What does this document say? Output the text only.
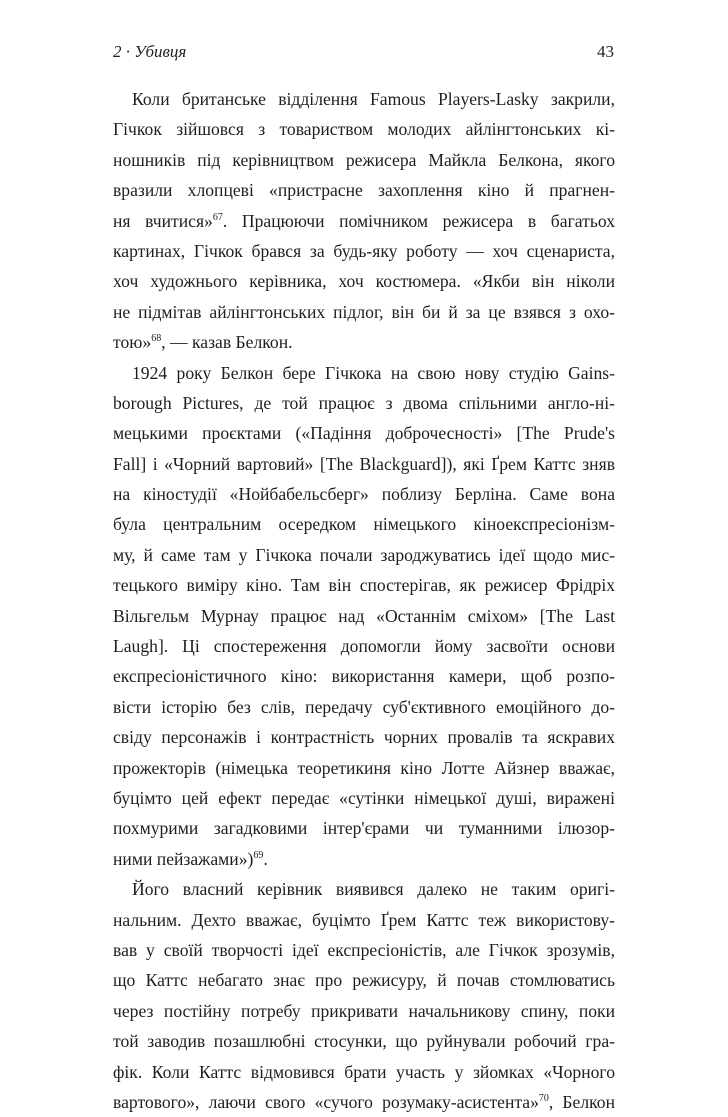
2 · Убивця	43
Коли британське відділення Famous Players-Lasky закрили,
Гічкок зійшовся з товариством молодих айлінгтонських кі-
ношників під керівництвом режисера Майкла Белкона, якого
вразили хлопцеві «пристрасне захоплення кіно й прагнен-
ня вчитися»$^{67}$. Працюючи помічником режисера в багатьох
картинах, Гічкок брався за будь-яку роботу — хоч сценариста,
хоч художнього керівника, хоч костюмера. «Якби він ніколи
не підмітав айлінгтонських підлог, він би й за це взявся з охо-
тою»$^{68}$, — казав Белкон.
1924 року Белкон бере Гічкока на свою нову студію Gains-
borough Pictures, де той працює з двома спільними англо-ні-
мецькими проєктами («Падіння доброчесності» [The Prude's
Fall] і «Чорний вартовий» [The Blackguard]), які Ґрем Каттс зняв
на кіностудії «Нойбабельсберг» поблизу Берліна. Саме вона
була центральним осередком німецького кіноекспресіонізм-
му, й саме там у Гічкока почали зароджуватись ідеї щодо мис-
тецького виміру кіно. Там він спостерігав, як режисер Фрідріх
Вільгельм Мурнау працює над «Останнім сміхом» [The Last
Laugh]. Ці спостереження допомогли йому засвоїти основи
експресіоністичного кіно: використання камери, щоб розпо-
вісти історію без слів, передачу суб'єктивного емоційного до-
свіду персонажів і контрастність чорних провалів та яскравих
прожекторів (німецька теоретикиня кіно Лотте Айзнер вважає,
буцімто цей ефект передає «сутінки німецької душі, виражені
похмурими загадковими інтер'єрами чи туманними ілюзор-
ними пейзажами»)$^{69}$.
Його власний керівник виявився далеко не таким оригі-
нальним. Дехто вважає, буцімто Ґрем Каттс теж використову-
вав у своїй творчості ідеї експресіоністів, але Гічкок зрозумів,
що Каттс небагато знає про режисуру, й почав стомлюватись
через постійну потребу прикривати начальникову спину, поки
той заводив позашлюбні стосунки, що руйнували робочий гра-
фік. Коли Каттс відмовився брати участь у зйомках «Чорного
вартового», лаючи свого «сучого розумаку-асистента»$^{70}$, Белкон
